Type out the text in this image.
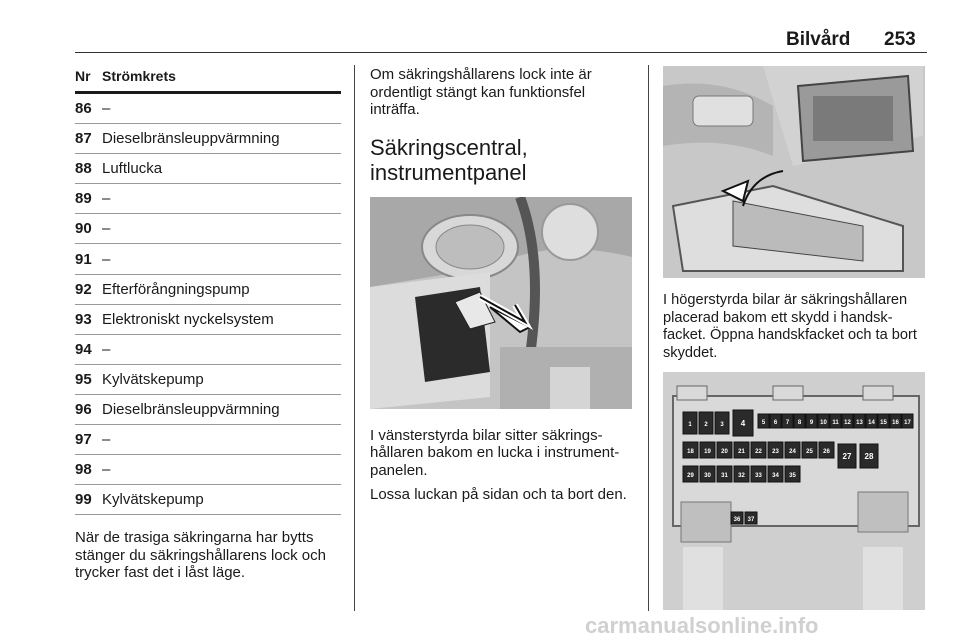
Bilvård 253
Nr Strömkrets
86 –
87 Dieselbränsleuppvärmning
88 Luftlucka
89 –
90 –
91 –
92 Efterförångningspump
93 Elektroniskt nyckelsystem
94 –
95 Kylvätskepump
96 Dieselbränsleuppvärmning
97 –
98 –
99 Kylvätskepump
När de trasiga säkringarna har bytts stänger du säkringshållarens lock och trycker fast det i låst läge.

Om säkringshållarens lock inte är ordentligt stängt kan funktionsfel inträffa.

Säkringscentral,
instrumentpanel

I vänsterstyrda bilar sitter säkringshållaren bakom en lucka i instrumentpanelen.

Lossa luckan på sidan och ta bort den.

I högerstyrda bilar är säkringshållaren placerad bakom ett skydd i handskfacket. Öppna handskfacket och ta bort skyddet.

1 2 3 4	5 6 7 8 9 10 11 12 13 14 15 16 17
18 19 20 21 22 23 24 25 26 27 28
29 30 31 32 33 34 35
36 37
carmanualsonline.info
